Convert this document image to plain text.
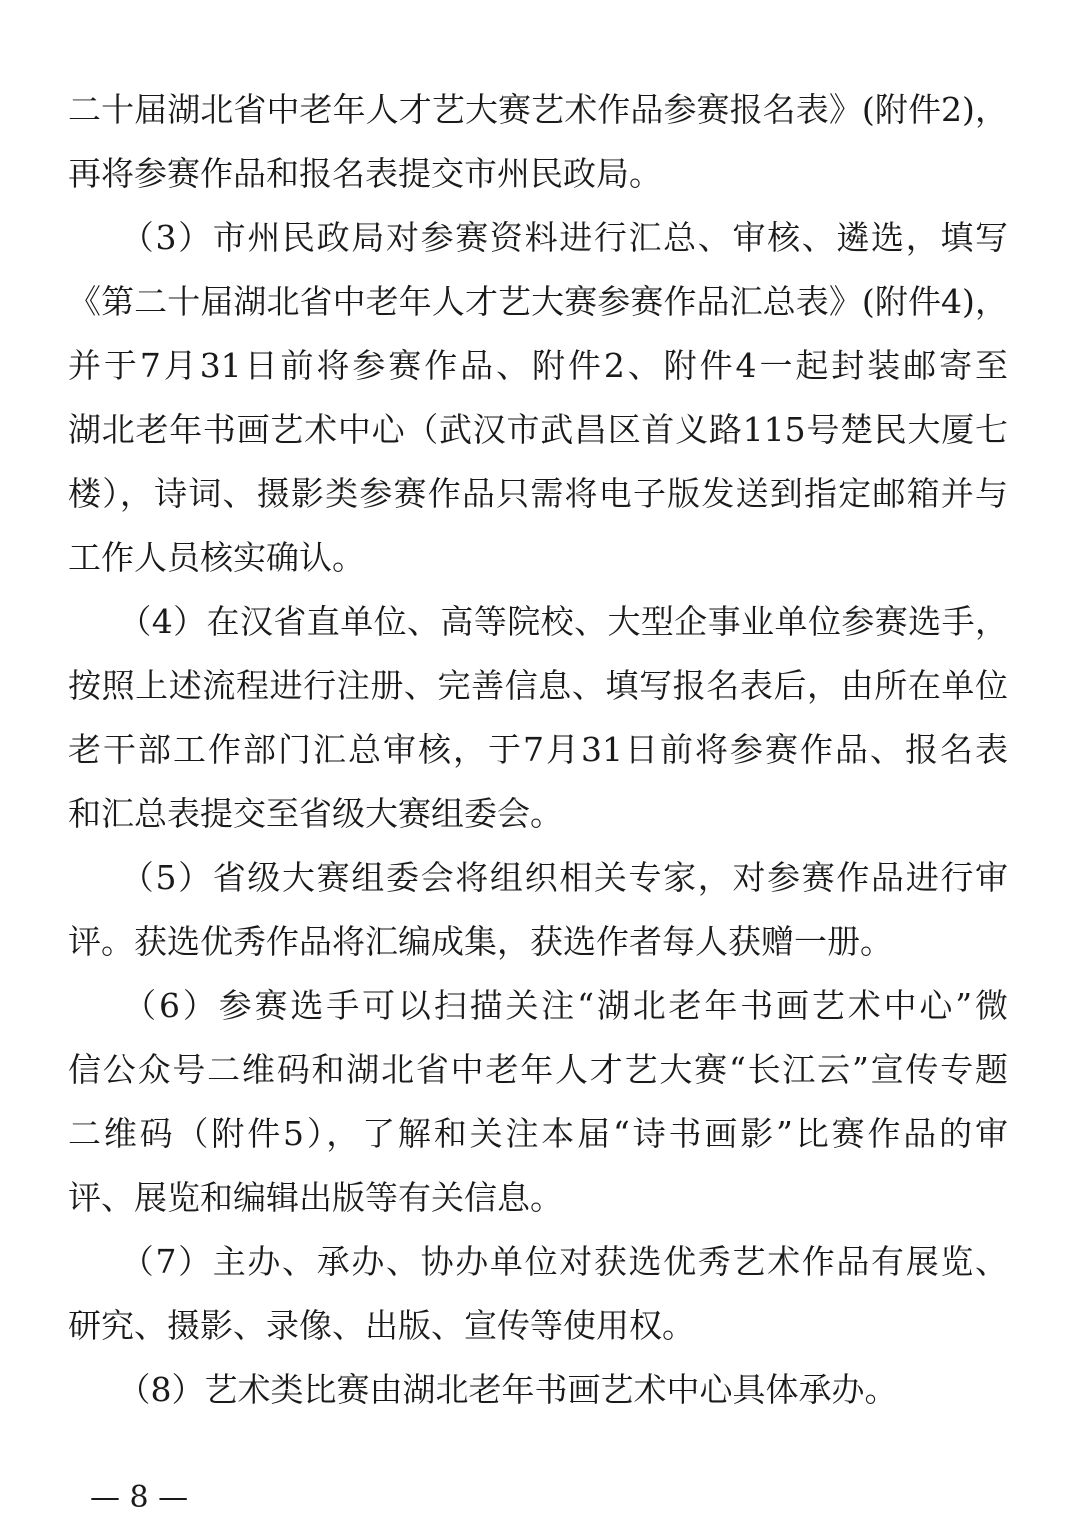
二十届湖北省中老年人才艺大赛艺术作品参赛报名表》(附件2)，
再将参赛作品和报名表提交市州民政局。
　　（3）市州民政局对参赛资料进行汇总、审核、遴选，填写
《第二十届湖北省中老年人才艺大赛参赛作品汇总表》(附件4)，
并于7月31日前将参赛作品、附件2、附件4一起封装邮寄至
湖北老年书画艺术中心（武汉市武昌区首义路115号楚民大厦七
楼），诗词、摄影类参赛作品只需将电子版发送到指定邮箱并与
工作人员核实确认。
　　（4）在汉省直单位、高等院校、大型企事业单位参赛选手，
按照上述流程进行注册、完善信息、填写报名表后，由所在单位
老干部工作部门汇总审核，于7月31日前将参赛作品、报名表
和汇总表提交至省级大赛组委会。
　　（5）省级大赛组委会将组织相关专家，对参赛作品进行审
评。获选优秀作品将汇编成集，获选作者每人获赠一册。
　　（6）参赛选手可以扫描关注“湖北老年书画艺术中心”微
信公众号二维码和湖北省中老年人才艺大赛“长江云”宣传专题
二维码（附件5），了解和关注本届“诗书画影”比赛作品的审
评、展览和编辑出版等有关信息。
　　（7）主办、承办、协办单位对获选优秀艺术作品有展览、
研究、摄影、录像、出版、宣传等使用权。
　　（8）艺术类比赛由湖北老年书画艺术中心具体承办。
— 8 —
